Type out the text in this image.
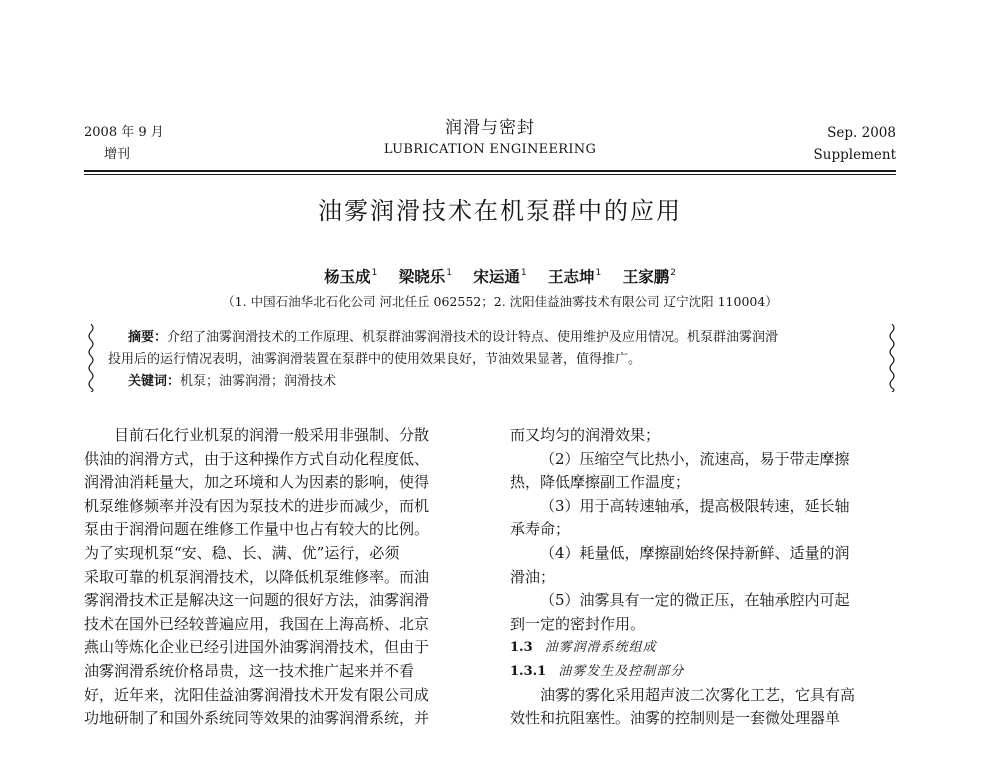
2008 年 9 月
增刊
润滑与密封
LUBRICATION ENGINEERING
Sep. 2008
Supplement
油雾润滑技术在机泵群中的应用
杨玉成$^1$ 梁晓乐$^1$ 宋运通$^1$ 王志坤$^1$ 王家鹏$^2$
（1. 中国石油华北石化公司 河北任丘 062552；2. 沈阳佳益油雾技术有限公司 辽宁沈阳 110004）
摘要：介绍了油雾润滑技术的工作原理、机泵群油雾润滑技术的设计特点、使用维护及应用情况。机泵群油雾润滑
投用后的运行情况表明，油雾润滑装置在泵群中的使用效果良好，节油效果显著，值得推广。
关键词：机泵；油雾润滑；润滑技术
目前石化行业机泵的润滑一般采用非强制、分散
供油的润滑方式，由于这种操作方式自动化程度低、
润滑油消耗量大，加之环境和人为因素的影响，使得
机泵维修频率并没有因为泵技术的进步而减少，而机
泵由于润滑问题在维修工作量中也占有较大的比例。
为了实现机泵“安、稳、长、满、优”运行，必须
采取可靠的机泵润滑技术，以降低机泵维修率。而油
雾润滑技术正是解决这一问题的很好方法，油雾润滑
技术在国外已经较普遍应用，我国在上海高桥、北京
燕山等炼化企业已经引进国外油雾润滑技术，但由于
油雾润滑系统价格昂贵，这一技术推广起来并不看
好，近年来，沈阳佳益油雾润滑技术开发有限公司成
功地研制了和国外系统同等效果的油雾润滑系统，并
而又均匀的润滑效果；
（2）压缩空气比热小，流速高，易于带走摩擦
热，降低摩擦副工作温度；
（3）用于高转速轴承，提高极限转速，延长轴
承寿命；
（4）耗量低，摩擦副始终保持新鲜、适量的润
滑油；
（5）油雾具有一定的微正压，在轴承腔内可起
到一定的密封作用。
1.3 油雾润滑系统组成
1.3.1 油雾发生及控制部分
油雾的雾化采用超声波二次雾化工艺，它具有高
效性和抗阻塞性。油雾的控制则是一套微处理器单
